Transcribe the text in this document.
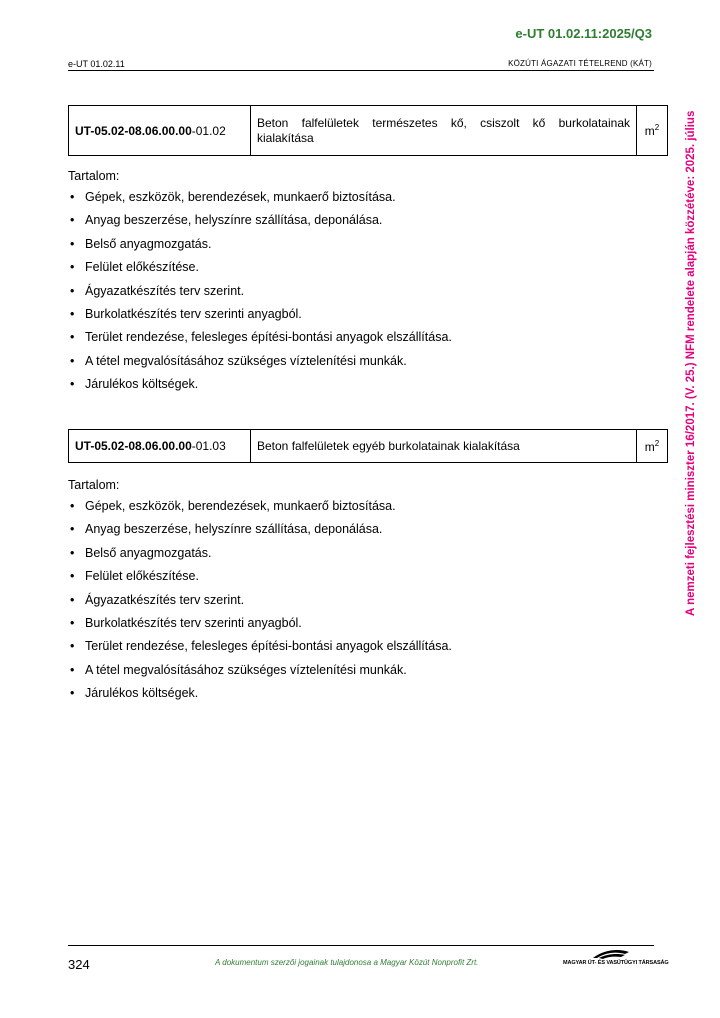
e-UT 01.02.11:2025/Q3
e-UT 01.02.11	KÖZÚTI ÁGAZATI TÉTELREND (KÁT)
A nemzeti fejlesztési miniszter 16/2017. (V. 25.) NFM rendelete alapján közzétéve: 2025. július
UT-05.02-08.06.00.00-01.02	Beton falfelületek természetes kő, csiszolt kő burkolatainak kialakítása	$m^2$
Tartalom:
• Gépek, eszközök, berendezések, munkaerő biztosítása.
• Anyag beszerzése, helyszínre szállítása, deponálása.
• Belső anyagmozgatás.
• Felület előkészítése.
• Ágyazatkészítés terv szerint.
• Burkolatkészítés terv szerinti anyagból.
• Terület rendezése, felesleges építési-bontási anyagok elszállítása.
• A tétel megvalósításához szükséges víztelenítési munkák.
• Járulékos költségek.
UT-05.02-08.06.00.00-01.03	Beton falfelületek egyéb burkolatainak kialakítása	$m^2$
Tartalom:
• Gépek, eszközök, berendezések, munkaerő biztosítása.
• Anyag beszerzése, helyszínre szállítása, deponálása.
• Belső anyagmozgatás.
• Felület előkészítése.
• Ágyazatkészítés terv szerint.
• Burkolatkészítés terv szerinti anyagból.
• Terület rendezése, felesleges építési-bontási anyagok elszállítása.
• A tétel megvalósításához szükséges víztelenítési munkák.
• Járulékos költségek.
324	A dokumentum szerzői jogainak tulajdonosa a Magyar Közút Nonprofit Zrt.	MAGYAR ÚT- ÉS VASÚTÜGYI TÁRSASÁG
